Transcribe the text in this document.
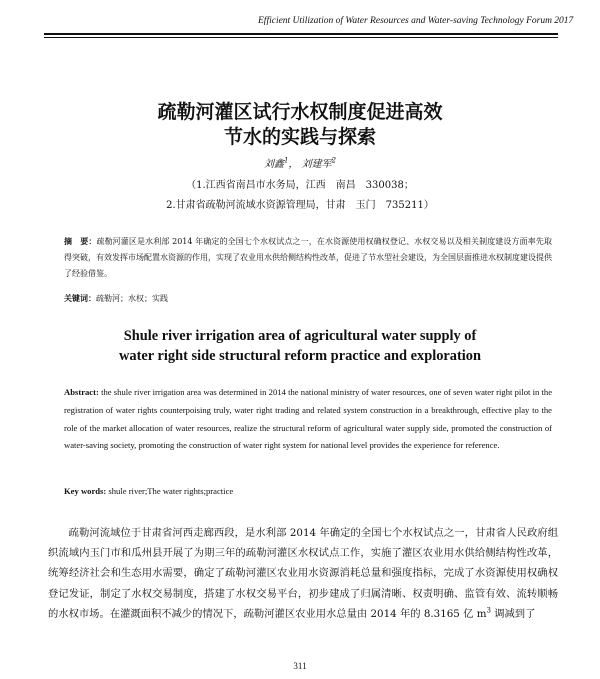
Efficient Utilization of Water Resources and Water-saving Technology Forum 2017
疏勒河灌区试行水权制度促进高效
节水的实践与探索
刘鑫$^1$， 刘建军$^2$
（1.江西省南昌市水务局，江西　南昌　330038；
2.甘肃省疏勒河流域水资源管理局，甘肃　玉门　735211）

摘　要：疏勒河灌区是水利部 2014 年确定的全国七个水权试点之一，在水资源使用权确权登记、水权交易以及相关制度建设方面率先取得突破，有效发挥市场配置水资源的作用，实现了农业用水供给侧结构性改革，促进了节水型社会建设，为全国层面推进水权制度建设提供了经验借鉴。

关键词：疏勒河；水权；实践

Shule river irrigation area of agricultural water supply of
water right side structural reform practice and exploration

Abstract: the shule river irrigation area was determined in 2014 the national ministry of water resources, one of seven water right pilot in the registration of water rights counterpoising truly, water right trading and related system construction in a breakthrough, effective play to the role of the market allocation of water resources, realize the structural reform of agricultural water supply side, promoted the construction of water-saving society, promoting the construction of water right system for national level provides the experience for reference.

Key words: shule river;The water rights;practice

疏勒河流域位于甘肃省河西走廊西段，是水利部 2014 年确定的全国七个水权试点之一，甘肃省人民政府组织流域内玉门市和瓜州县开展了为期三年的疏勒河灌区水权试点工作，实施了灌区农业用水供给侧结构性改革，统筹经济社会和生态用水需要，确定了疏勒河灌区农业用水资源消耗总量和强度指标，完成了水资源使用权确权登记发证，制定了水权交易制度，搭建了水权交易平台，初步建成了归属清晰、权责明确、监管有效、流转顺畅的水权市场。在灌溉面积不减少的情况下，疏勒河灌区农业用水总量由 2014 年的 8.3165 亿 $m^3$ 调减到了

311
